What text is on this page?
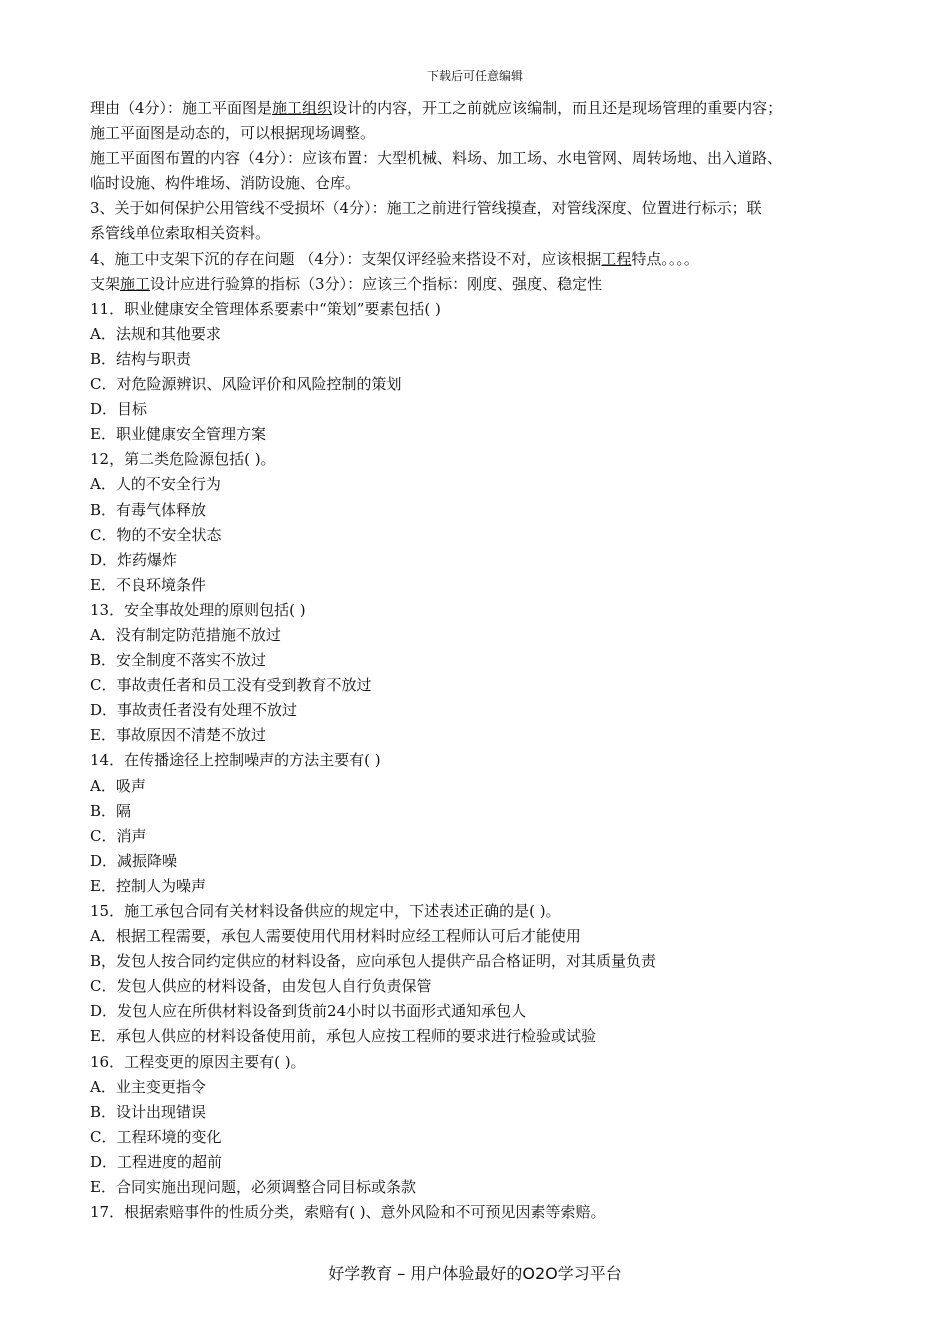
下载后可任意编辑
理由（4分）：施工平面图是施工组织设计的内容，开工之前就应该编制，而且还是现场管理的重要内容；
施工平面图是动态的，可以根据现场调整。
施工平面图布置的内容（4分）：应该布置：大型机械、料场、加工场、水电管网、周转场地、出入道路、
临时设施、构件堆场、消防设施、仓库。
3、关于如何保护公用管线不受损坏（4分）：施工之前进行管线摸查，对管线深度、位置进行标示；联
系管线单位索取相关资料。
4、施工中支架下沉的存在问题 （4分）：支架仅评经验来搭设不对，应该根据工程特点。。。。
支架施工设计应进行验算的指标（3分）：应该三个指标：刚度、强度、稳定性
11．职业健康安全管理体系要素中“策划”要素包括( )
A．法规和其他要求
B．结构与职责
C．对危险源辨识、风险评价和风险控制的策划
D．目标
E．职业健康安全管理方案
12，第二类危险源包括( )。
A．人的不安全行为
B．有毒气体释放
C．物的不安全状态
D．炸药爆炸
E．不良环境条件
13．安全事故处理的原则包括( )
A．没有制定防范措施不放过
B．安全制度不落实不放过
C．事故责任者和员工没有受到教育不放过
D．事故责任者没有处理不放过
E．事故原因不清楚不放过
14．在传播途径上控制噪声的方法主要有( )
A．吸声
B．隔
C．消声
D．减振降噪
E．控制人为噪声
15．施工承包合同有关材料设备供应的规定中，下述表述正确的是( )。
A．根据工程需要，承包人需要使用代用材料时应经工程师认可后才能使用
B，发包人按合同约定供应的材料设备，应向承包人提供产品合格证明，对其质量负责
C．发包人供应的材料设备，由发包人自行负责保管
D．发包人应在所供材料设备到货前24小时以书面形式通知承包人
E．承包人供应的材料设备使用前，承包人应按工程师的要求进行检验或试验
16．工程变更的原因主要有( )。
A．业主变更指令
B．设计出现错误
C．工程环境的变化
D．工程进度的超前
E．合同实施出现问题，必须调整合同目标或条款
17．根据索赔事件的性质分类，索赔有( )、意外风险和不可预见因素等索赔。
好学教育 – 用户体验最好的O2O学习平台
